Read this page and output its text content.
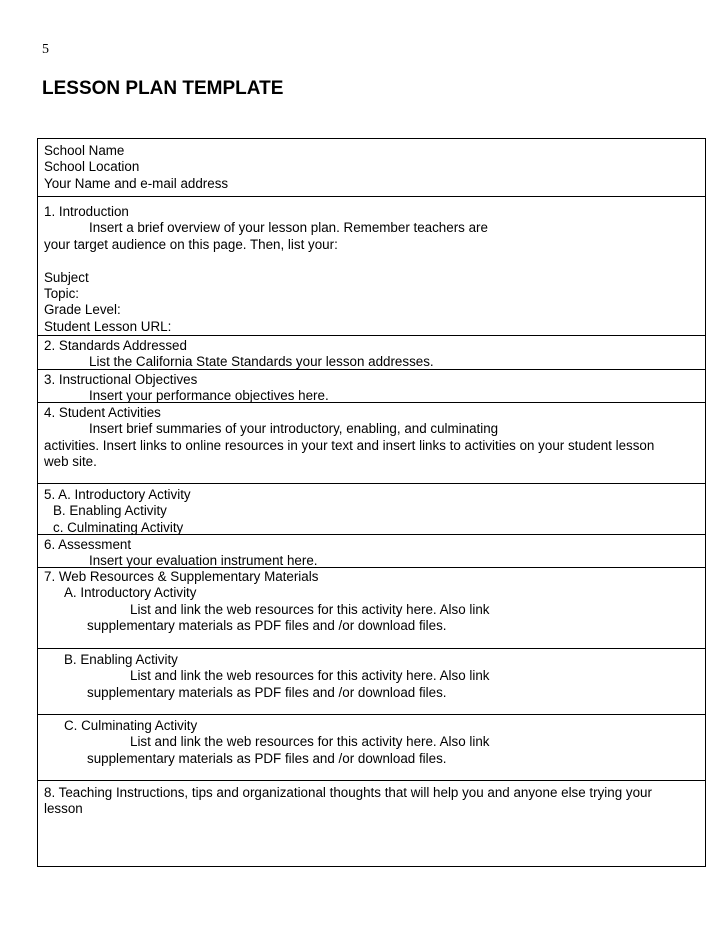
5
LESSON PLAN TEMPLATE
School Name
School Location
Your Name and e-mail address
1. Introduction
Insert a brief overview of your lesson plan. Remember teachers are
your target audience on this page. Then, list your:
Subject
Topic:
Grade Level:
Student Lesson URL:
2. Standards Addressed
List the California State Standards your lesson addresses.
3. Instructional Objectives
Insert your performance objectives here.
4. Student Activities
Insert brief summaries of your introductory, enabling, and culminating
activities. Insert links to online resources in your text and insert links to activities on your student lesson
web site.
5. A. Introductory Activity
B. Enabling Activity
c. Culminating Activity
6. Assessment
Insert your evaluation instrument here.
7. Web Resources & Supplementary Materials
A. Introductory Activity
List and link the web resources for this activity here. Also link
supplementary materials as PDF files and /or download files.
B. Enabling Activity
List and link the web resources for this activity here. Also link
supplementary materials as PDF files and /or download files.
C. Culminating Activity
List and link the web resources for this activity here. Also link
supplementary materials as PDF files and /or download files.
8. Teaching Instructions, tips and organizational thoughts that will help you and anyone else trying your
lesson
